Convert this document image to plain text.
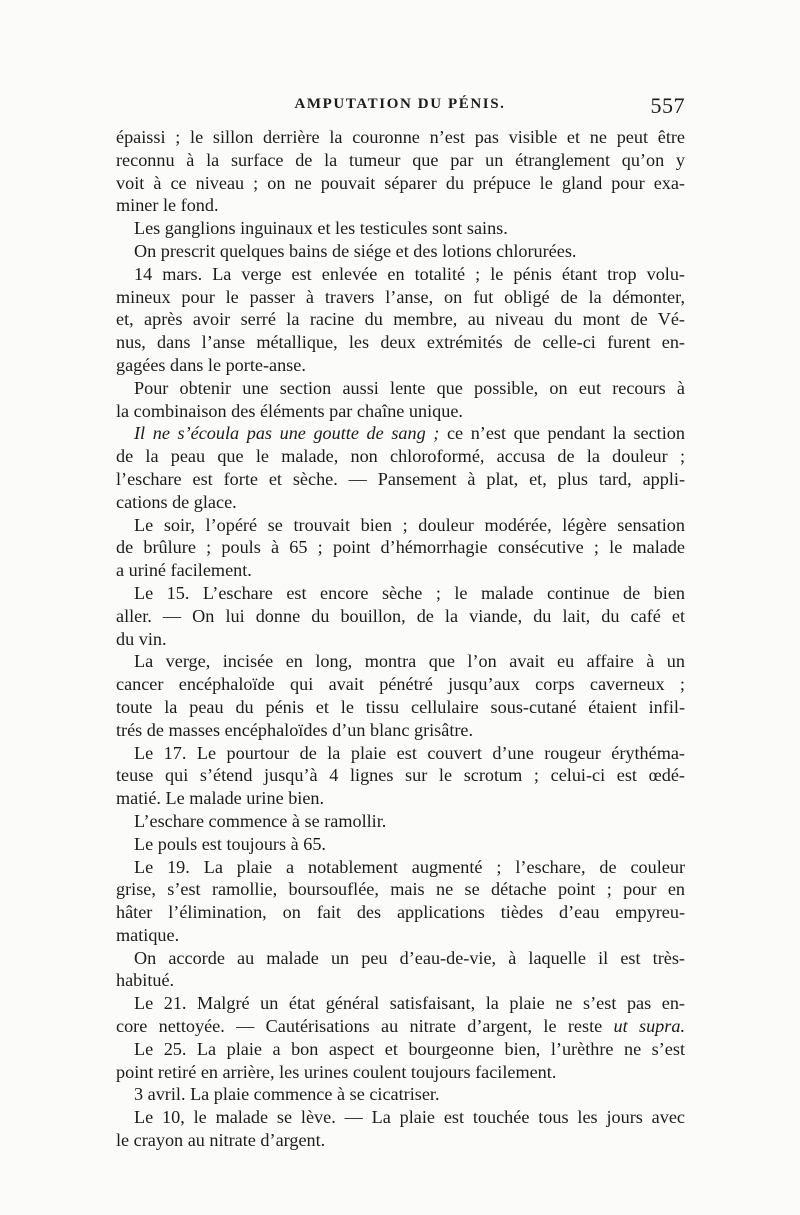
AMPUTATION DU PÉNIS.	557
épaissi ; le sillon derrière la couronne n’est pas visible et ne peut être
reconnu à la surface de la tumeur que par un étranglement qu’on y
voit à ce niveau ; on ne pouvait séparer du prépuce le gland pour exa-
miner le fond.
Les ganglions inguinaux et les testicules sont sains.
On prescrit quelques bains de siége et des lotions chlorurées.
14 mars. La verge est enlevée en totalité ; le pénis étant trop volu-
mineux pour le passer à travers l’anse, on fut obligé de la démonter,
et, après avoir serré la racine du membre, au niveau du mont de Vé-
nus, dans l’anse métallique, les deux extrémités de celle-ci furent en-
gagées dans le porte-anse.
Pour obtenir une section aussi lente que possible, on eut recours à
la combinaison des éléments par chaîne unique.
Il ne s’écoula pas une goutte de sang ; ce n’est que pendant la section
de la peau que le malade, non chloroformé, accusa de la douleur ;
l’eschare est forte et sèche. — Pansement à plat, et, plus tard, appli-
cations de glace.
Le soir, l’opéré se trouvait bien ; douleur modérée, légère sensation
de brûlure ; pouls à 65 ; point d’hémorrhagie consécutive ; le malade
a uriné facilement.
Le 15. L’eschare est encore sèche ; le malade continue de bien
aller. — On lui donne du bouillon, de la viande, du lait, du café et
du vin.
La verge, incisée en long, montra que l’on avait eu affaire à un
cancer encéphaloïde qui avait pénétré jusqu’aux corps caverneux ;
toute la peau du pénis et le tissu cellulaire sous-cutané étaient infil-
trés de masses encéphaloïdes d’un blanc grisâtre.
Le 17. Le pourtour de la plaie est couvert d’une rougeur érythéma-
teuse qui s’étend jusqu’à 4 lignes sur le scrotum ; celui-ci est œdé-
matié. Le malade urine bien.
L’eschare commence à se ramollir.
Le pouls est toujours à 65.
Le 19. La plaie a notablement augmenté ; l’eschare, de couleur
grise, s’est ramollie, boursouflée, mais ne se détache point ; pour en
hâter l’élimination, on fait des applications tièdes d’eau empyreu-
matique.
On accorde au malade un peu d’eau-de-vie, à laquelle il est très-
habitué.
Le 21. Malgré un état général satisfaisant, la plaie ne s’est pas en-
core nettoyée. — Cautérisations au nitrate d’argent, le reste ut supra.
Le 25. La plaie a bon aspect et bourgeonne bien, l’urèthre ne s’est
point retiré en arrière, les urines coulent toujours facilement.
3 avril. La plaie commence à se cicatriser.
Le 10, le malade se lève. — La plaie est touchée tous les jours avec
le crayon au nitrate d’argent.
